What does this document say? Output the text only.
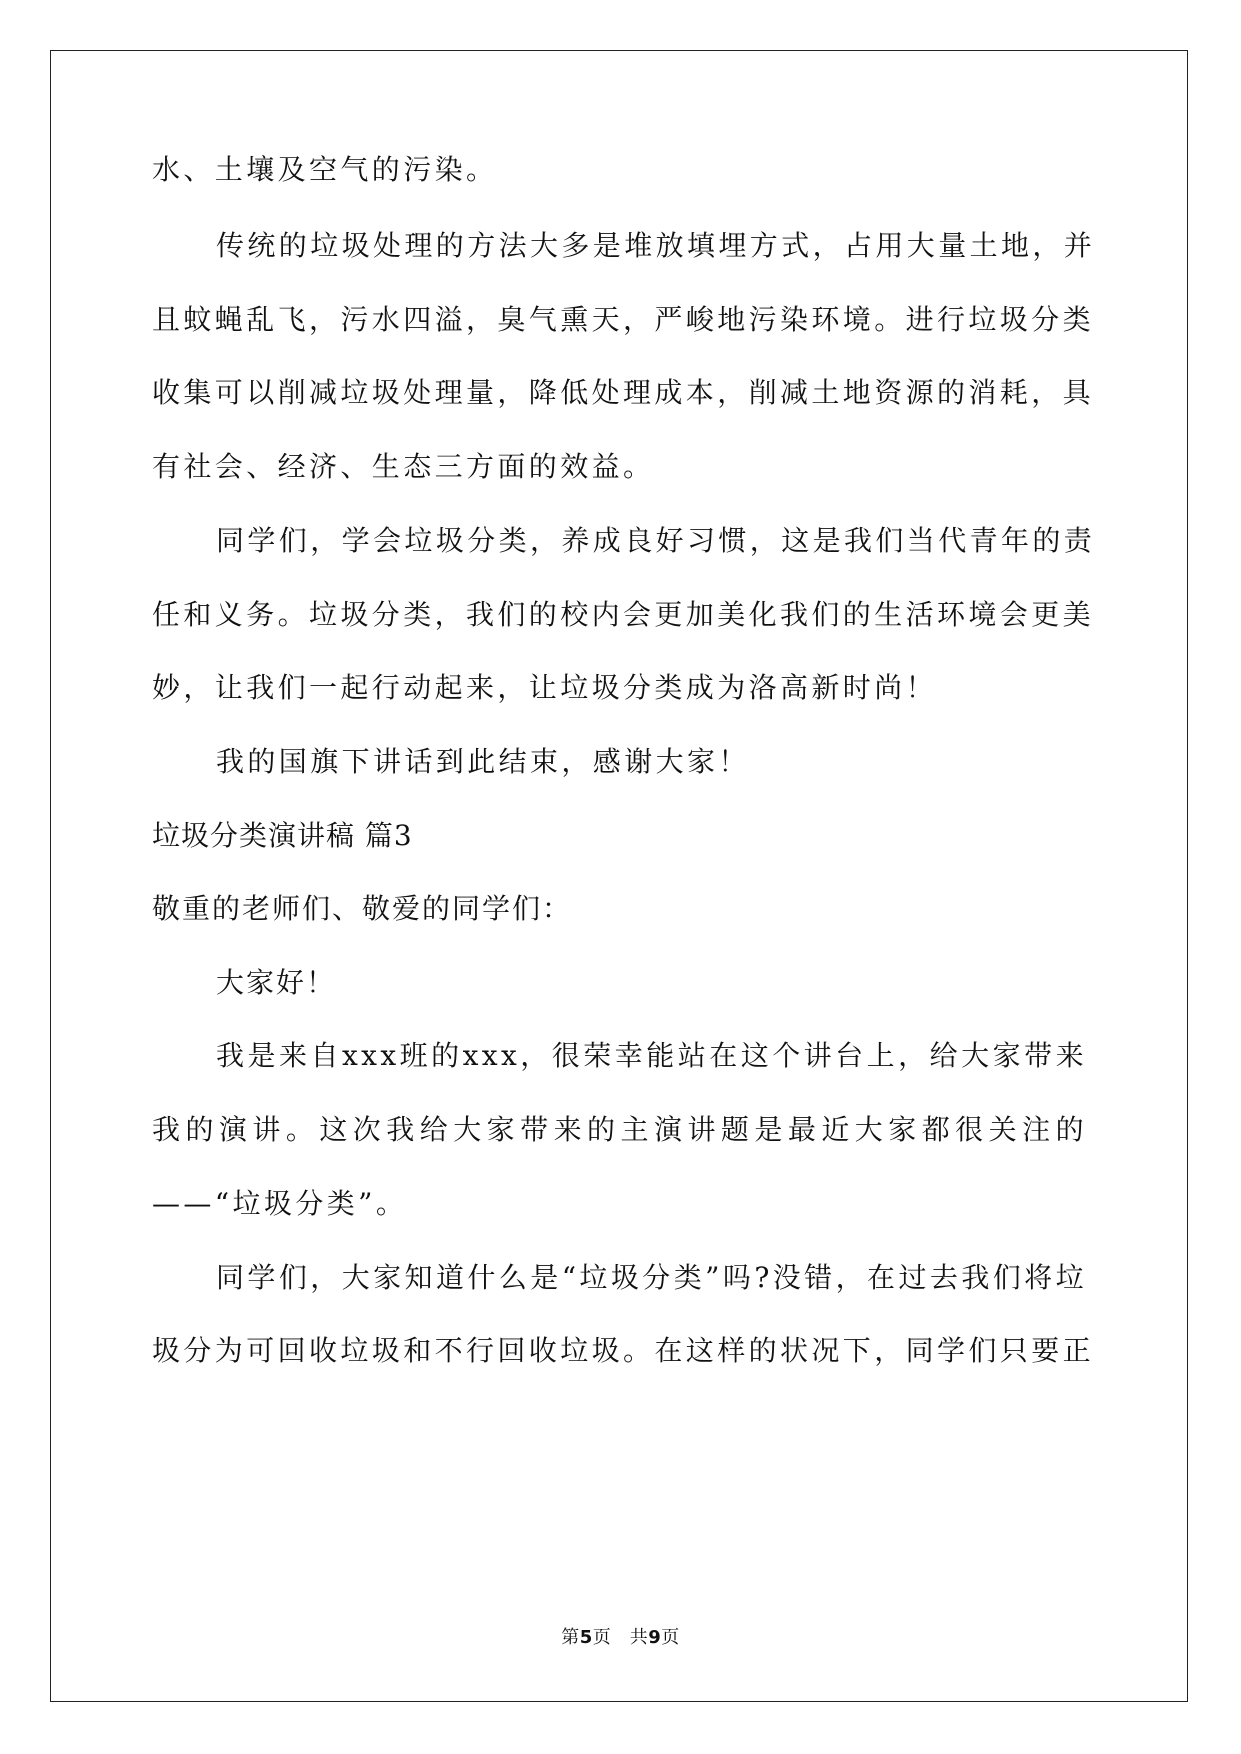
水、土壤及空气的污染。
传统的垃圾处理的方法大多是堆放填埋方式，占用大量土地，并
且蚊蝇乱飞，污水四溢，臭气熏天，严峻地污染环境。进行垃圾分类
收集可以削减垃圾处理量，降低处理成本，削减土地资源的消耗，具
有社会、经济、生态三方面的效益。
同学们，学会垃圾分类，养成良好习惯，这是我们当代青年的责
任和义务。垃圾分类，我们的校内会更加美化我们的生活环境会更美
妙，让我们一起行动起来，让垃圾分类成为洛高新时尚！
我的国旗下讲话到此结束，感谢大家！
垃圾分类演讲稿 篇3
敬重的老师们、敬爱的同学们：
大家好！
我是来自xxx班的xxx，很荣幸能站在这个讲台上，给大家带来
我的演讲。这次我给大家带来的主演讲题是最近大家都很关注的
——“垃圾分类”。
同学们，大家知道什么是“垃圾分类”吗?没错，在过去我们将垃
圾分为可回收垃圾和不行回收垃圾。在这样的状况下，同学们只要正
第5页　共9页
